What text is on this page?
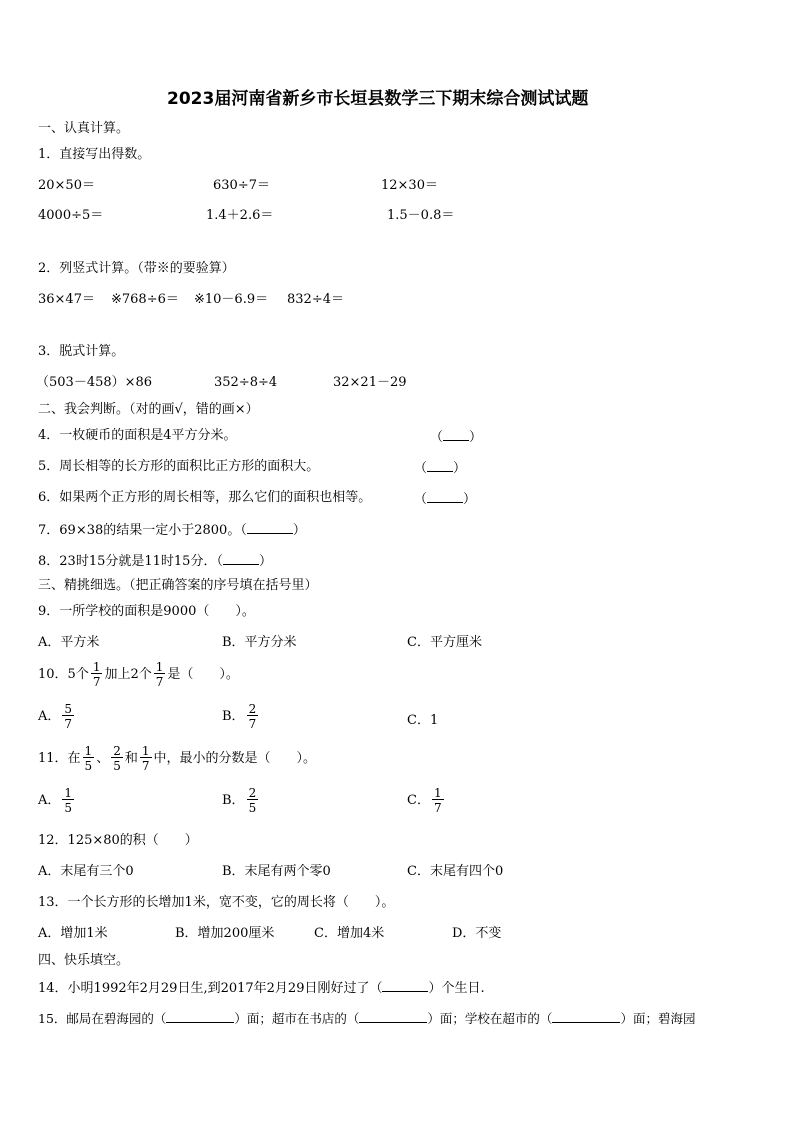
2023届河南省新乡市长垣县数学三下期末综合测试试题
一、认真计算。
1．直接写出得数。
20×50＝	630÷7＝	12×30＝
4000÷5＝	1.4＋2.6＝	1.5－0.8＝
2．列竖式计算。（带※的要验算）
36×47＝ ※768÷6＝ ※10－6.9＝ 832÷4＝
3．脱式计算。
（503－458）×86	352÷8÷4	32×21－29
二、我会判断。（对的画√，错的画×）
4．一枚硬币的面积是4平方分米。	（ ）
5．周长相等的长方形的面积比正方形的面积大。	（ ）
6．如果两个正方形的周长相等，那么它们的面积也相等。	（	）
7．69×38的结果一定小于2800。（	）
8．23时15分就是11时15分．（	）
三、精挑细选。（把正确答案的序号填在括号里）
9．一所学校的面积是9000（　　）。
A．平方米	B．平方分米	C．平方厘米
10．5个 $\frac{1}{7}$ 加上2个 $\frac{1}{7}$ 是（　　）。
A． $\frac{5}{7}$	B． $\frac{2}{7}$	C．1
11．在 $\frac{1}{5}$ 、 $\frac{2}{5}$ 和 $\frac{1}{7}$ 中，最小的分数是（　　）。
A． $\frac{1}{5}$	B． $\frac{2}{5}$	C． $\frac{1}{7}$
12．125×80的积（　　）
A．末尾有三个0	B．末尾有两个零0	C．末尾有四个0
13．一个长方形的长增加1米，宽不变，它的周长将（　　）。
A．增加1米	B．增加200厘米	C．增加4米	D．不变
四、快乐填空。
14．小明1992年2月29日生,到2017年2月29日刚好过了（	）个生日.
15．邮局在碧海园的（	）面；超市在书店的（	）面；学校在超市的（	）面；碧海园
